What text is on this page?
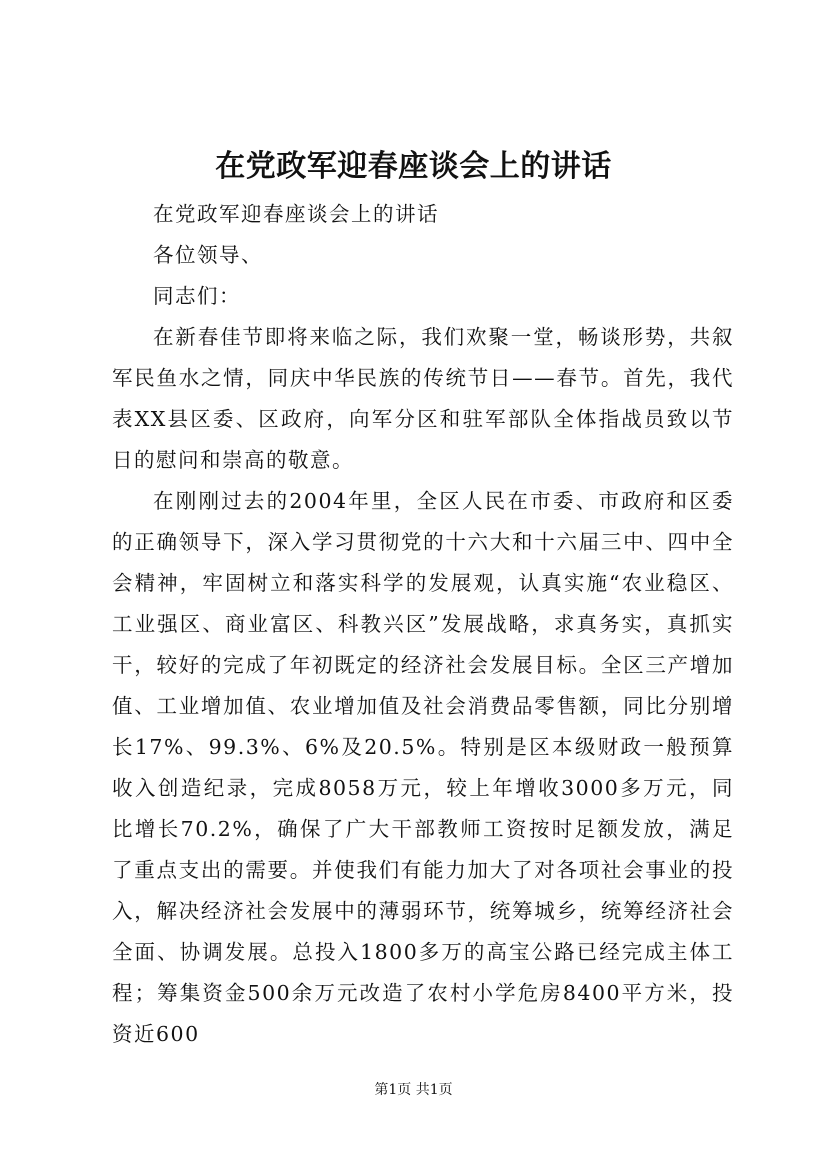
在党政军迎春座谈会上的讲话

在党政军迎春座谈会上的讲话

各位领导、

同志们：

在新春佳节即将来临之际，我们欢聚一堂，畅谈形势，共叙军民鱼水之情，同庆中华民族的传统节日——春节。首先，我代表XX县区委、区政府，向军分区和驻军部队全体指战员致以节日的慰问和崇高的敬意。

在刚刚过去的2004年里，全区人民在市委、市政府和区委的正确领导下，深入学习贯彻党的十六大和十六届三中、四中全会精神，牢固树立和落实科学的发展观，认真实施“农业稳区、工业强区、商业富区、科教兴区”发展战略，求真务实，真抓实干，较好的完成了年初既定的经济社会发展目标。全区三产增加值、工业增加值、农业增加值及社会消费品零售额，同比分别增长17%、99.3%、6%及20.5%。特别是区本级财政一般预算收入创造纪录，完成8058万元，较上年增收3000多万元，同比增长70.2%，确保了广大干部教师工资按时足额发放，满足了重点支出的需要。并使我们有能力加大了对各项社会事业的投入，解决经济社会发展中的薄弱环节，统筹城乡，统筹经济社会全面、协调发展。总投入1800多万的高宝公路已经完成主体工程；筹集资金500余万元改造了农村小学危房8400平方米，投资近600

第1页 共1页
